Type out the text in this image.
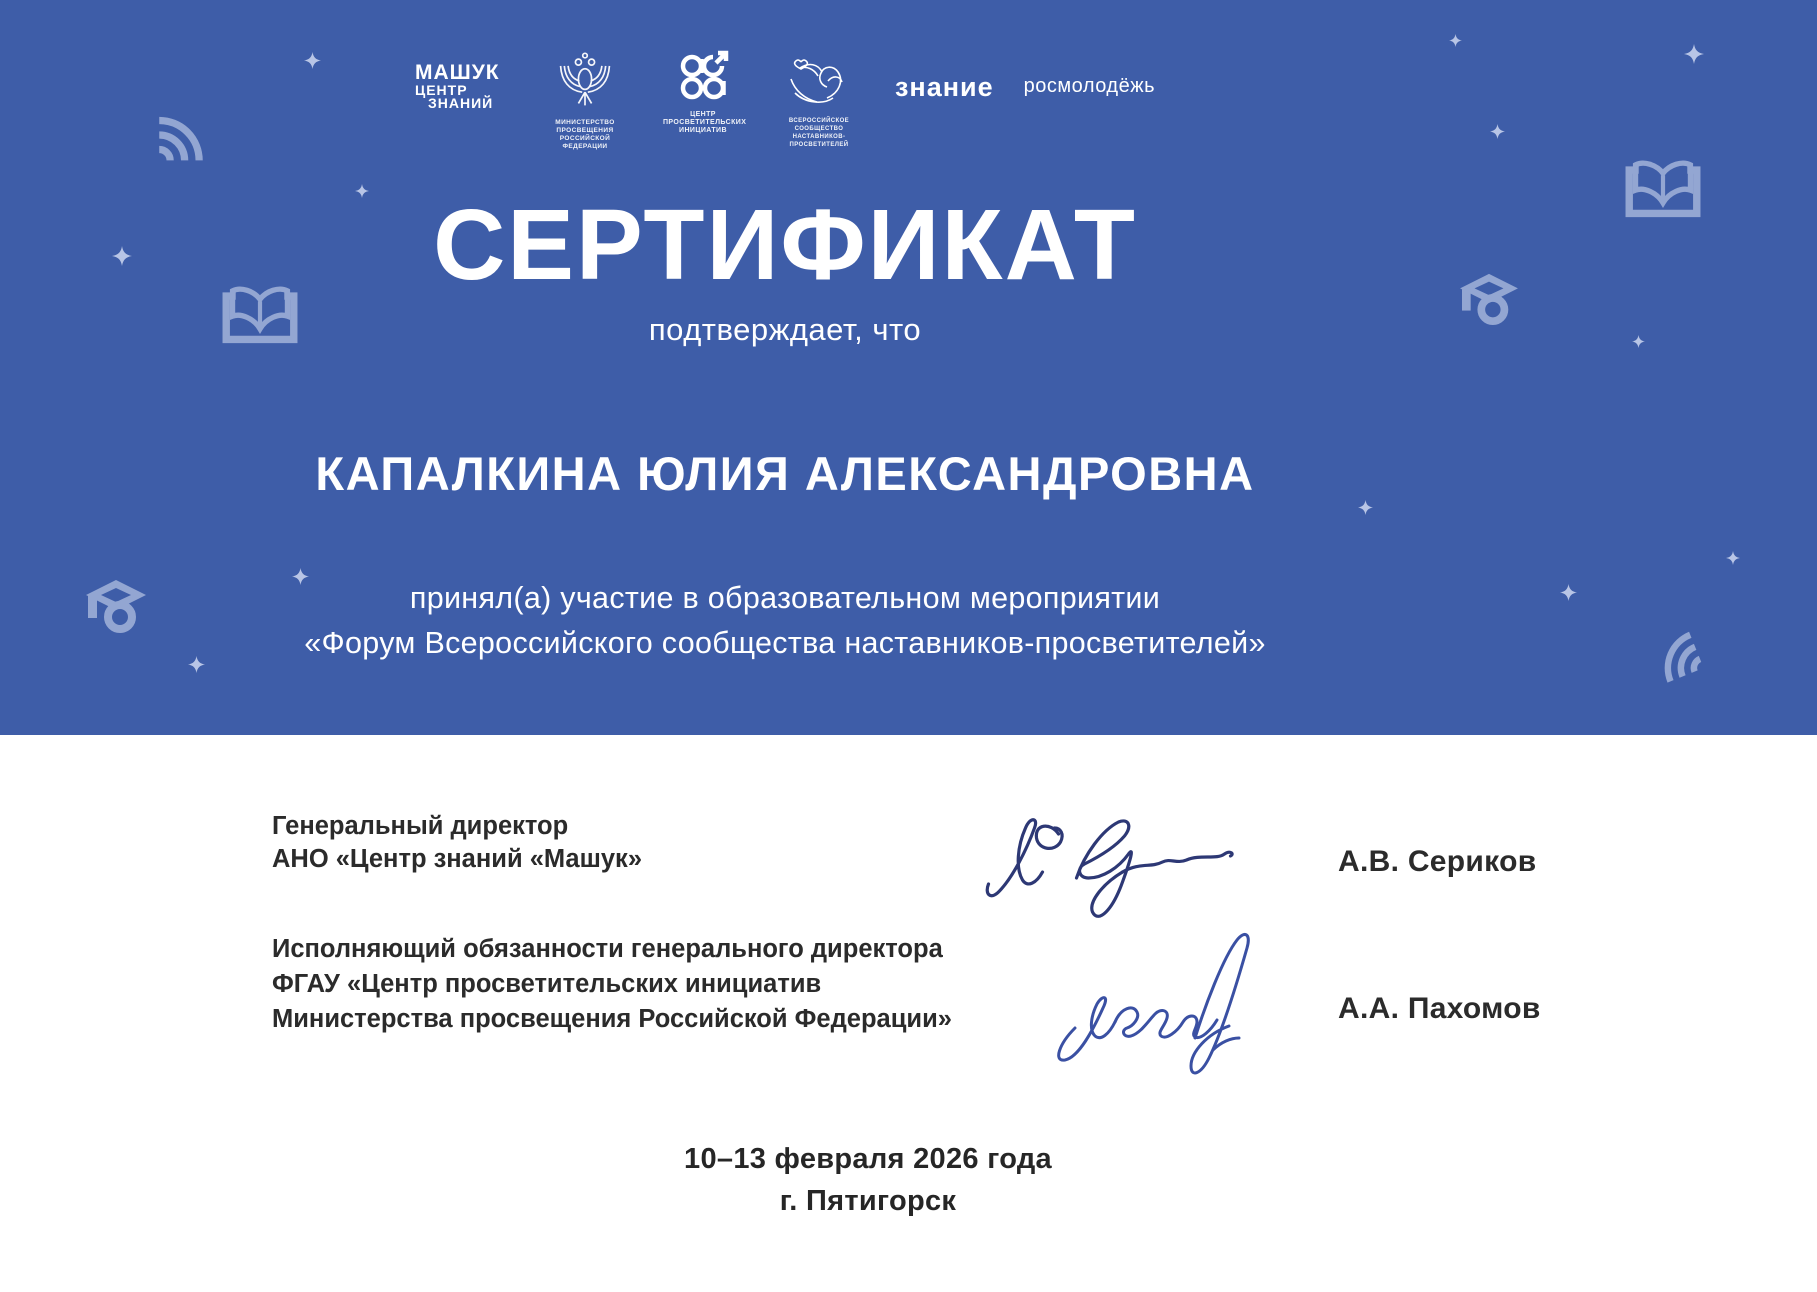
МАШУК
ЦЕНТР
ЗНАНИЙ
МИНИСТЕРСТВО ПРОСВЕЩЕНИЯ
РОССИЙСКОЙ ФЕДЕРАЦИИ
ЦЕНТР
ПРОСВЕТИТЕЛЬСКИХ
ИНИЦИАТИВ
ВСЕРОССИЙСКОЕ СООБЩЕСТВО
НАСТАВНИКОВ-ПРОСВЕТИТЕЛЕЙ
знание росмолодёжь
СЕРТИФИКАТ
подтверждает, что
КАПАЛКИНА ЮЛИЯ АЛЕКСАНДРОВНА
принял(а) участие в образовательном мероприятии
«Форум Всероссийского сообщества наставников-просветителей»
Генеральный директор
АНО «Центр знаний «Машук»	А.В. Сериков
Исполняющий обязанности генерального директора
ФГАУ «Центр просветительских инициатив
Министерства просвещения Российской Федерации»	А.А. Пахомов
10–13 февраля 2026 года
г. Пятигорск
